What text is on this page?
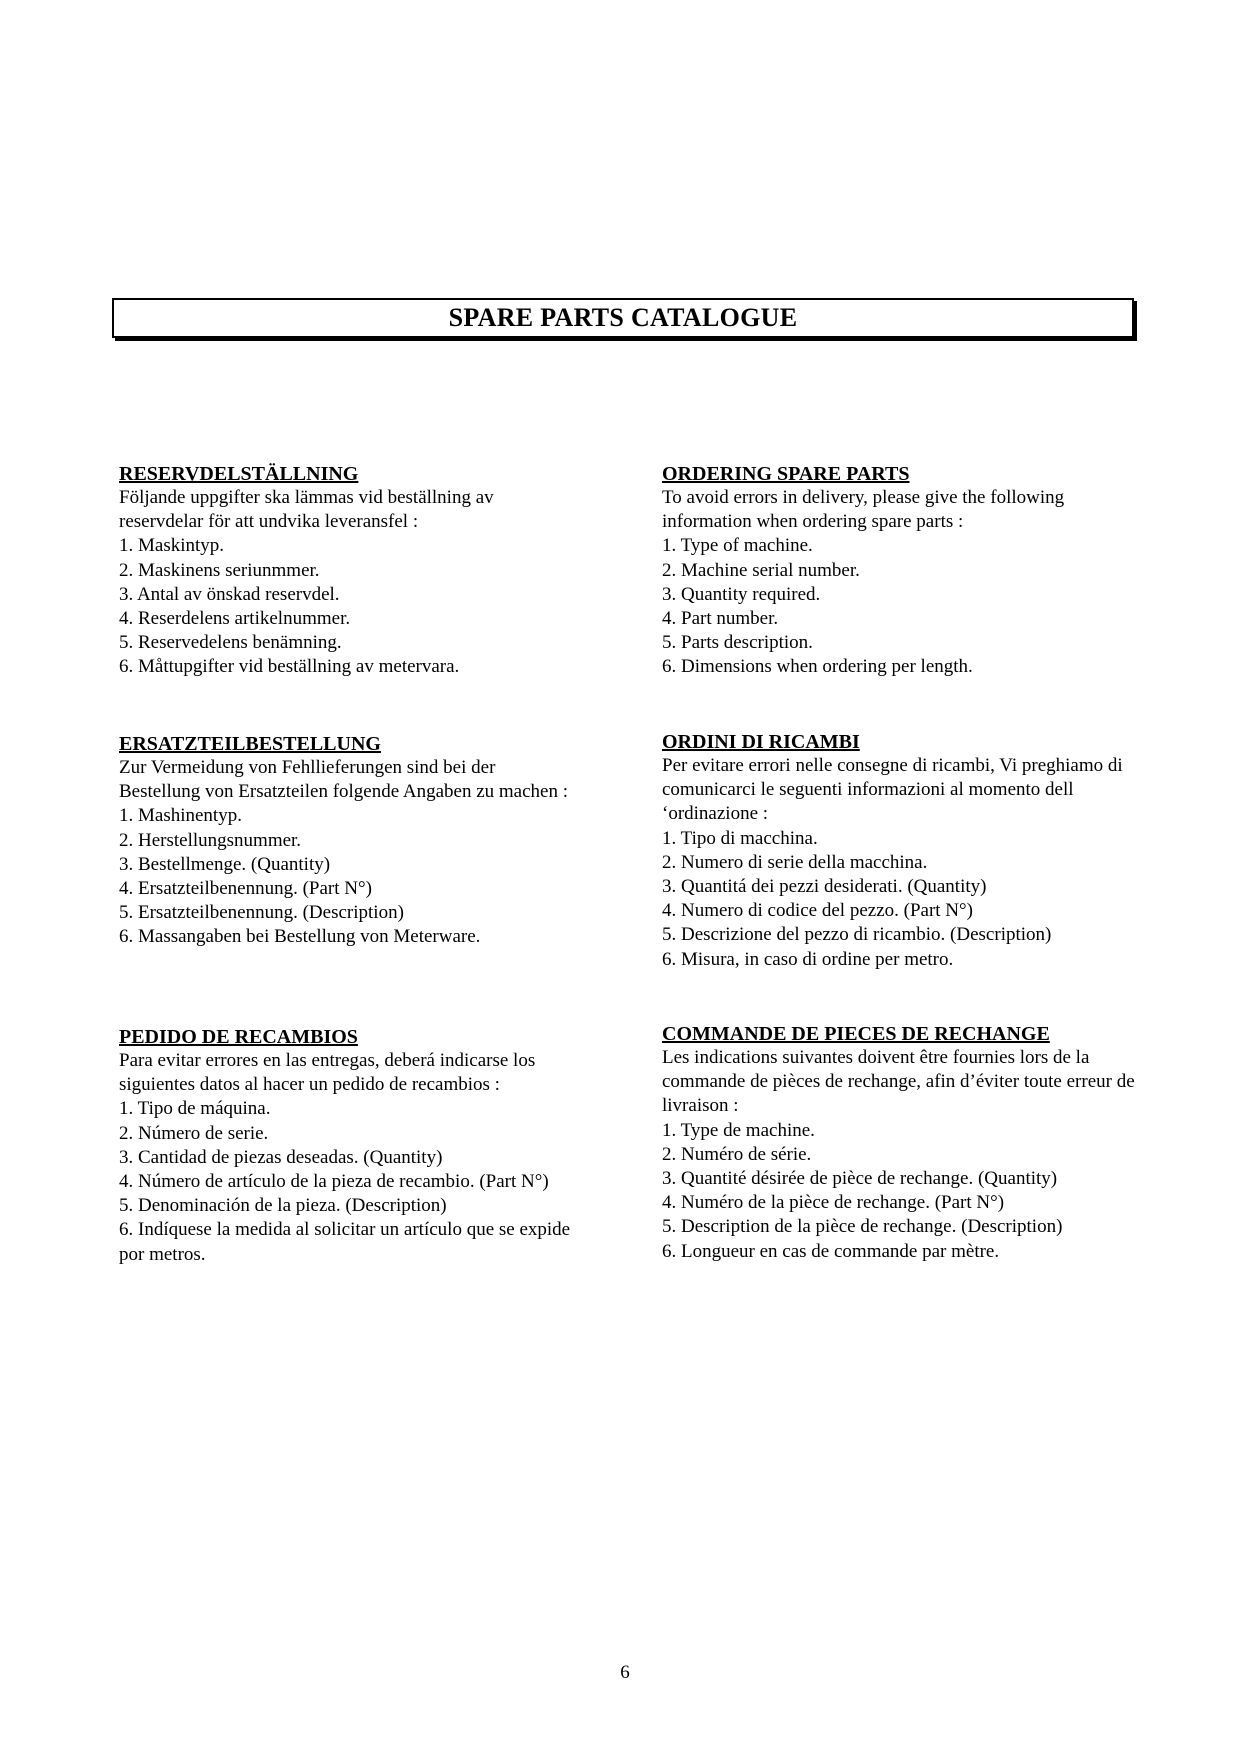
SPARE PARTS CATALOGUE
RESERVDELSTÄLLNING
Följande uppgifter ska lämmas vid beställning av reservdelar för att undvika leveransfel :
1. Maskintyp.
2. Maskinens seriunmmer.
3. Antal av önskad reservdel.
4. Reserdelens artikelnummer.
5. Reservedelens benämning.
6. Måttupgifter vid beställning av metervara.
ORDERING SPARE PARTS
To avoid errors in delivery, please give the following information when ordering spare parts :
1. Type of machine.
2. Machine serial number.
3. Quantity required.
4. Part number.
5. Parts description.
6. Dimensions when ordering per length.
ERSATZTEILBESTELLUNG
Zur Vermeidung von Fehllieferungen sind bei der Bestellung von Ersatzteilen folgende Angaben zu machen :
1. Mashinentyp.
2. Herstellungsnummer.
3. Bestellmenge. (Quantity)
4. Ersatzteilbenennung. (Part N°)
5. Ersatzteilbenennung. (Description)
6. Massangaben bei Bestellung von Meterware.
ORDINI DI RICAMBI
Per evitare errori nelle consegne di ricambi, Vi preghiamo di comunicarci le seguenti informazioni al momento dell ‘ordinazione :
1. Tipo di macchina.
2. Numero di serie della macchina.
3. Quantitá dei pezzi desiderati. (Quantity)
4. Numero di codice del pezzo. (Part N°)
5. Descrizione del pezzo di ricambio. (Description)
6. Misura, in caso di ordine per metro.
PEDIDO DE RECAMBIOS
Para evitar errores en las entregas, deberá indicarse los siguientes datos al hacer un pedido de recambios :
1. Tipo de máquina.
2. Número de serie.
3. Cantidad de piezas deseadas. (Quantity)
4. Número de artículo de la pieza de recambio. (Part N°)
5. Denominación de la pieza. (Description)
6. Indíquese la medida al solicitar un artículo que se expide por metros.
COMMANDE DE PIECES DE RECHANGE
Les indications suivantes doivent être fournies lors de la commande de pièces de rechange, afin d’éviter toute erreur de livraison :
1. Type de machine.
2. Numéro de série.
3. Quantité désirée de pièce de rechange. (Quantity)
4. Numéro de la pièce de rechange. (Part N°)
5. Description de la pièce de rechange. (Description)
6. Longueur en cas de commande par mètre.
6
